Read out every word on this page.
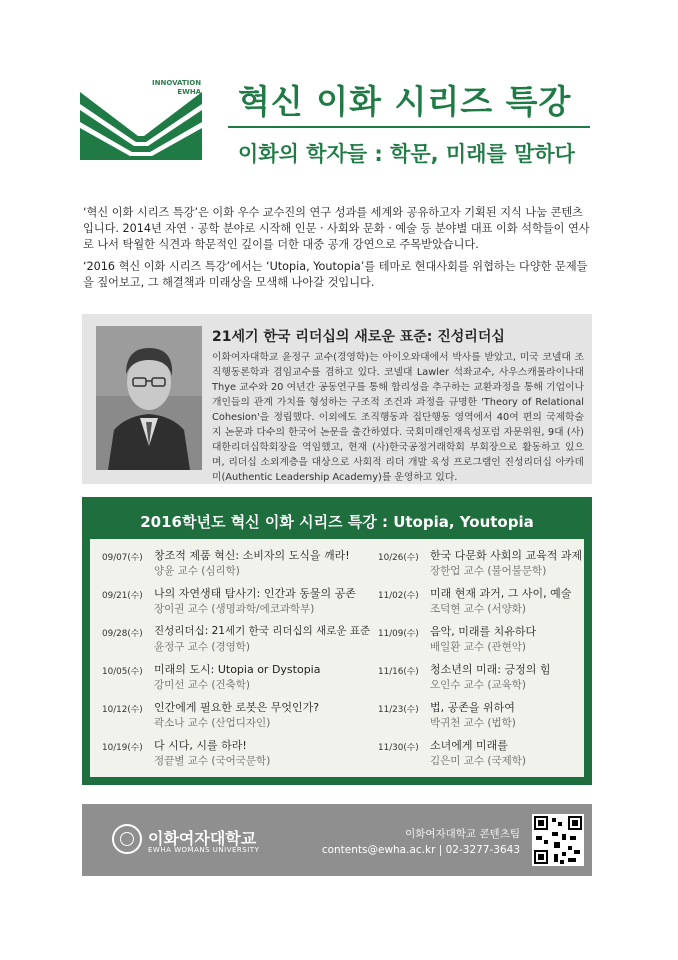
INNOVATION
EWHA 혁신 이화 시리즈 특강
이화의 학자들 : 학문, 미래를 말하다

‘혁신 이화 시리즈 특강’은 이화 우수 교수진의 연구 성과를 세계와 공유하고자 기획된 지식 나눔 콘텐츠입니다. 2014년 자연 · 공학 분야로 시작해 인문 · 사회와 문화 · 예술 등 분야별 대표 이화 석학들이 연사로 나서 탁월한 식견과 학문적인 깊이를 더한 대중 공개 강연으로 주목받았습니다.

‘2016 혁신 이화 시리즈 특강’에서는 ‘Utopia, Youtopia’를 테마로 현대사회를 위협하는 다양한 문제들을 짚어보고, 그 해결책과 미래상을 모색해 나아갈 것입니다.

21세기 한국 리더십의 새로운 표준: 진성리더십
이화여자대학교 윤정구 교수(경영학)는 아이오와대에서 박사를 받았고, 미국 코넬대 조직행동론학과 겸임교수를 겸하고 있다. 코넬대 Lawler 석좌교수, 사우스캐롤라이나대 Thye 교수와 20 여년간 공동연구를 통해 합리성을 추구하는 교환과정을 통해 기업이나 개인들의 관계 가치를 형성하는 구조적 조건과 과정을 규명한 'Theory of Relational Cohesion'을 정립했다. 이외에도 조직행동과 집단행동 영역에서 40여 편의 국제학술지 논문과 다수의 한국어 논문을 출간하였다. 국회미래인재육성포럼 자문위원, 9대 (사)대한리더십학회장을 역임했고, 현재 (사)한국공정거래학회 부회장으로 활동하고 있으며, 리더십 소외계층을 대상으로 사회적 리더 개발 육성 프로그램인 진성리더십 아카데미(Authentic Leadership Academy)를 운영하고 있다.
2016학년도 혁신 이화 시리즈 특강 : Utopia, Youtopia
09/07(수) 창조적 제품 혁신: 소비자의 도식을 깨라!
양윤 교수 (심리학)
09/21(수) 나의 자연생태 탐사기: 인간과 동물의 공존
장이권 교수 (생명과학/에코과학부)
09/28(수) 진성리더십: 21세기 한국 리더십의 새로운 표준
윤정구 교수 (경영학)
10/05(수) 미래의 도시: Utopia or Dystopia
강미선 교수 (건축학)
10/12(수) 인간에게 필요한 로봇은 무엇인가?
곽소나 교수 (산업디자인)
10/19(수) 다 시다, 시를 하라!
정끝별 교수 (국어국문학)
10/26(수) 한국 다문화 사회의 교육적 과제
장한업 교수 (불어불문학)
11/02(수) 미래 현재 과거, 그 사이, 예술
조덕현 교수 (서양화)
11/09(수) 음악, 미래를 치유하다
배일환 교수 (관현악)
11/16(수) 청소년의 미래: 긍정의 힘
오인수 교수 (교육학)
11/23(수) 법, 공존을 위하여
박귀천 교수 (법학)
11/30(수) 소녀에게 미래를
김은미 교수 (국제학)
이화여자대학교
EWHA WOMANS UNIVERSITY
이화여자대학교 콘텐츠팀
contents@ewha.ac.kr | 02-3277-3643
